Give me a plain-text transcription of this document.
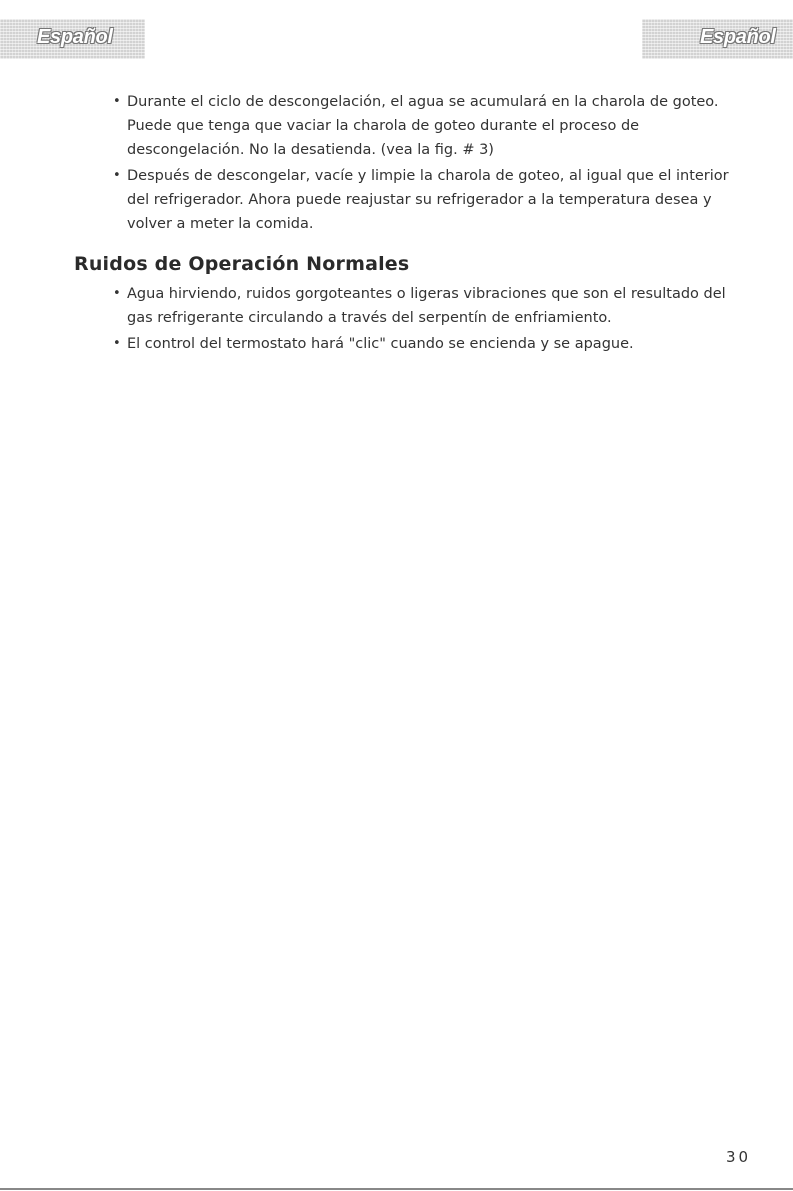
Español	Español
• Durante el ciclo de descongelación, el agua se acumulará en la charola de goteo. Puede que tenga que vaciar la charola de goteo durante el proceso de descongelación. No la desatienda. (vea la fig. # 3)
• Después de descongelar, vacíe y limpie la charola de goteo, al igual que el interior del refrigerador. Ahora puede reajustar su refrigerador a la temperatura desea y volver a meter la comida.
Ruidos de Operación Normales
• Agua hirviendo, ruidos gorgoteantes o ligeras vibraciones que son el resultado del gas refrigerante circulando a través del serpentín de enfriamiento.
• El control del termostato hará "clic" cuando se encienda y se apague.
30
